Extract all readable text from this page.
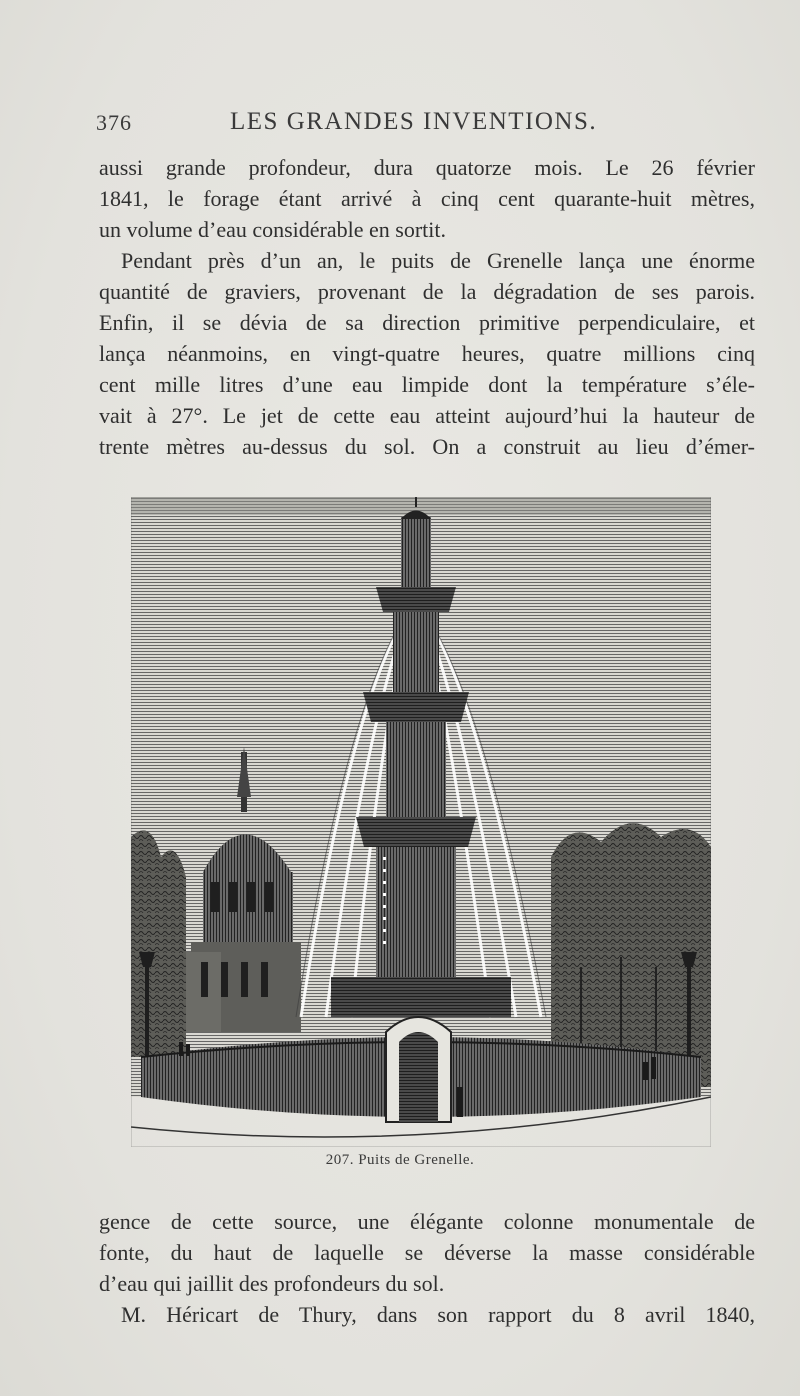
376	LES GRANDES INVENTIONS.

aussi grande profondeur, dura quatorze mois. Le 26 février

1841, le forage étant arrivé à cinq cent quarante-huit mètres,

un volume d’eau considérable en sortit.

Pendant près d’un an, le puits de Grenelle lança une énorme

quantité de graviers, provenant de la dégradation de ses parois.

Enfin, il se dévia de sa direction primitive perpendiculaire, et

lança néanmoins, en vingt-quatre heures, quatre millions cinq

cent mille litres d’une eau limpide dont la température s’éle-

vait à 27°. Le jet de cette eau atteint aujourd’hui la hauteur de

trente mètres au-dessus du sol. On a construit au lieu d’émer-

207. Puits de Grenelle.

gence de cette source, une élégante colonne monumentale de

fonte, du haut de laquelle se déverse la masse considérable

d’eau qui jaillit des profondeurs du sol.

M. Héricart de Thury, dans son rapport du 8 avril 1840,
